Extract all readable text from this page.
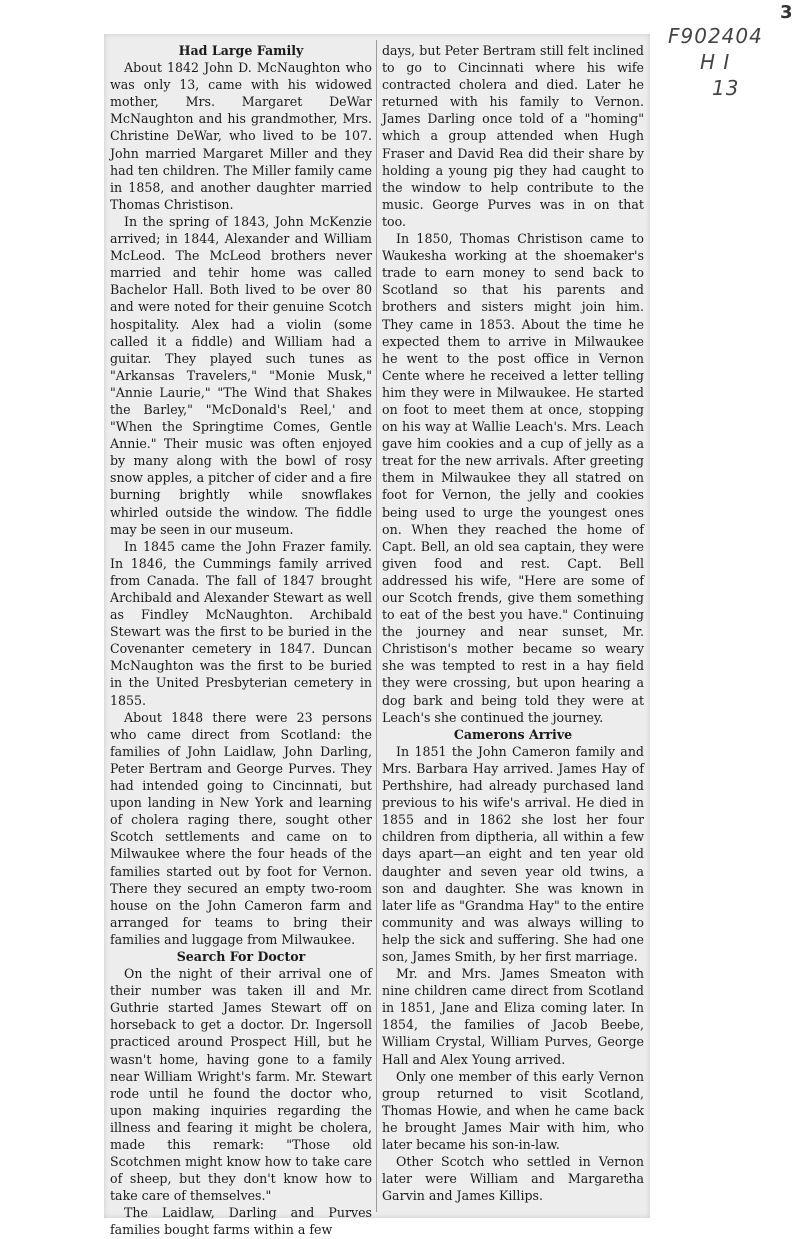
3
F902404
H I
13
Had Large Family

About 1842 John D. McNaughton who was only 13, came with his widowed mother, Mrs. Margaret DeWar McNaughton and his grandmother, Mrs. Christine DeWar, who lived to be 107. John married Margaret Miller and they had ten children. The Miller family came in 1858, and another daughter married Thomas Christison.

In the spring of 1843, John McKenzie arrived; in 1844, Alexander and William McLeod. The McLeod brothers never married and tehir home was called Bachelor Hall. Both lived to be over 80 and were noted for their genuine Scotch hospitality. Alex had a violin (some called it a fiddle) and William had a guitar. They played such tunes as "Arkansas Travelers," "Monie Musk," "Annie Laurie," "The Wind that Shakes the Barley," "McDonald's Reel,' and "When the Springtime Comes, Gentle Annie." Their music was often enjoyed by many along with the bowl of rosy snow apples, a pitcher of cider and a fire burning brightly while snowflakes whirled outside the window. The fiddle may be seen in our museum.

In 1845 came the John Frazer family. In 1846, the Cummings family arrived from Canada. The fall of 1847 brought Archibald and Alexander Stewart as well as Findley McNaughton. Archibald Stewart was the first to be buried in the Covenanter cemetery in 1847. Duncan McNaughton was the first to be buried in the United Presbyterian cemetery in 1855.

About 1848 there were 23 persons who came direct from Scotland: the families of John Laidlaw, John Darling, Peter Bertram and George Purves. They had intended going to Cincinnati, but upon landing in New York and learning of cholera raging there, sought other Scotch settlements and came on to Milwaukee where the four heads of the families started out by foot for Vernon. There they secured an empty two-room house on the John Cameron farm and arranged for teams to bring their families and luggage from Milwaukee.

Search For Doctor

On the night of their arrival one of their number was taken ill and Mr. Guthrie started James Stewart off on horseback to get a doctor. Dr. Ingersoll practiced around Prospect Hill, but he wasn't home, having gone to a family near William Wright's farm. Mr. Stewart rode until he found the doctor who, upon making inquiries regarding the illness and fearing it might be cholera, made this remark: "Those old Scotchmen might know how to take care of sheep, but they don't know how to take care of themselves."

The Laidlaw, Darling and Purves families bought farms within a few

days, but Peter Bertram still felt inclined to go to Cincinnati where his wife contracted cholera and died. Later he returned with his family to Vernon. James Darling once told of a "homing" which a group attended when Hugh Fraser and David Rea did their share by holding a young pig they had caught to the window to help contribute to the music. George Purves was in on that too.

In 1850, Thomas Christison came to Waukesha working at the shoemaker's trade to earn money to send back to Scotland so that his parents and brothers and sisters might join him. They came in 1853. About the time he expected them to arrive in Milwaukee he went to the post office in Vernon Cente where he received a letter telling him they were in Milwaukee. He started on foot to meet them at once, stopping on his way at Wallie Leach's. Mrs. Leach gave him cookies and a cup of jelly as a treat for the new arrivals. After greeting them in Milwaukee they all statred on foot for Vernon, the jelly and cookies being used to urge the youngest ones on. When they reached the home of Capt. Bell, an old sea captain, they were given food and rest. Capt. Bell addressed his wife, "Here are some of our Scotch frends, give them something to eat of the best you have." Continuing the journey and near sunset, Mr. Christison's mother became so weary she was tempted to rest in a hay field they were crossing, but upon hearing a dog bark and being told they were at Leach's she continued the journey.

Camerons Arrive

In 1851 the John Cameron family and Mrs. Barbara Hay arrived. James Hay of Perthshire, had already purchased land previous to his wife's arrival. He died in 1855 and in 1862 she lost her four children from diptheria, all within a few days apart—an eight and ten year old daughter and seven year old twins, a son and daughter. She was known in later life as "Grandma Hay" to the entire community and was always willing to help the sick and suffering. She had one son, James Smith, by her first marriage.

Mr. and Mrs. James Smeaton with nine children came direct from Scotland in 1851, Jane and Eliza coming later. In 1854, the families of Jacob Beebe, William Crystal, William Purves, George Hall and Alex Young arrived.

Only one member of this early Vernon group returned to visit Scotland, Thomas Howie, and when he came back he brought James Mair with him, who later became his son-in-law.

Other Scotch who settled in Vernon later were William and Margaretha Garvin and James Killips.
